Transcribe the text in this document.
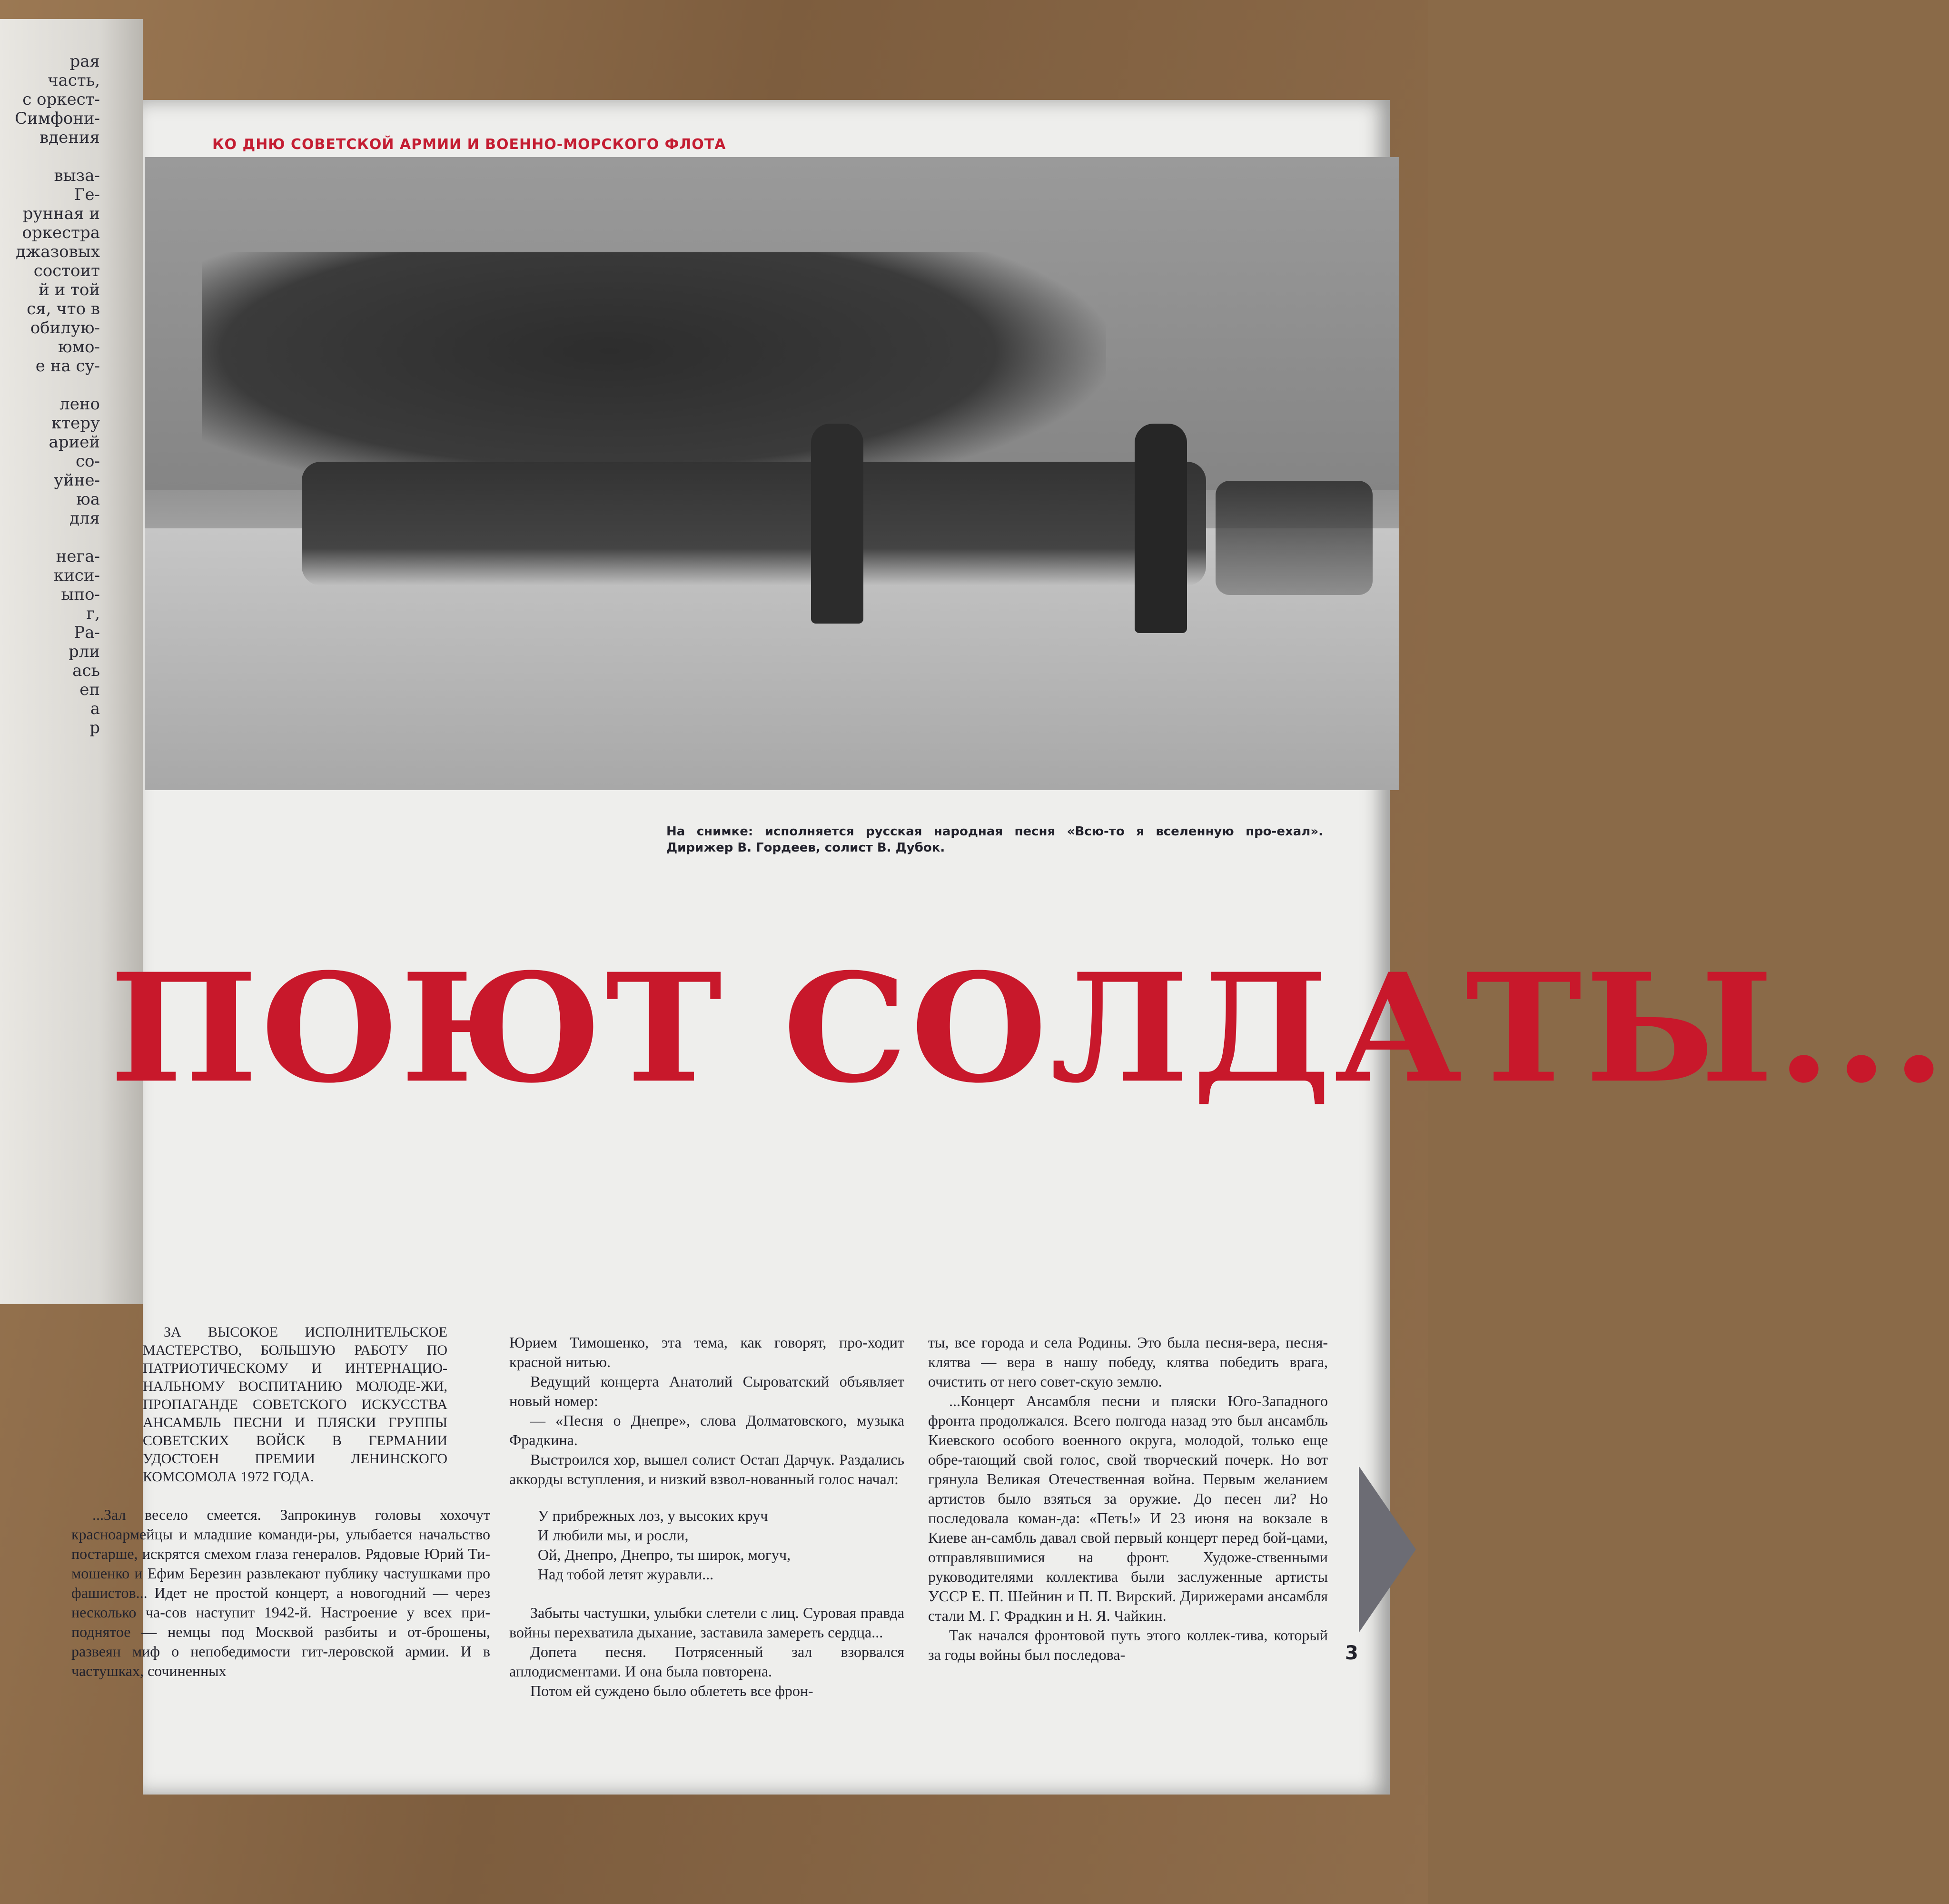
рая
часть,
с оркест-
Симфони-
вдения
выза-
Ге-
рунная и
оркестра
джазовых
состоит
й и той
ся, что в
обилую-
юмо-
е на су-
лено
ктеру
арией
со-
уйне-
юа
для
нега-
киси-
ыпо-
г,
Ра-
рли
ась
еп
а
р
КО ДНЮ СОВЕТСКОЙ АРМИИ И ВОЕННО-МОРСКОГО ФЛОТА
На снимке: исполняется русская народная песня «Всю-то я вселенную про-ехал». Дирижер В. Гордеев, солист В. Дубок.
ПОЮТ СОЛДАТЫ...

ЗА ВЫСОКОЕ ИСПОЛНИТЕЛЬСКОЕ МАСТЕРСТВО, БОЛЬШУЮ РАБОТУ ПО ПАТРИОТИЧЕСКОМУ И ИНТЕРНАЦИО-НАЛЬНОМУ ВОСПИТАНИЮ МОЛОДЕ-ЖИ, ПРОПАГАНДЕ СОВЕТСКОГО ИСКУССТВА АНСАМБЛЬ ПЕСНИ И ПЛЯСКИ ГРУППЫ СОВЕТСКИХ ВОЙСК В ГЕРМАНИИ УДОСТОЕН ПРЕМИИ ЛЕНИНСКОГО КОМСОМОЛА 1972 ГОДА.

...Зал весело смеется. Запрокинув головы хохочут красноармейцы и младшие команди-ры, улыбается начальство постарше, искрятся смехом глаза генералов. Рядовые Юрий Ти-мошенко и Ефим Березин развлекают публику частушками про фашистов... Идет не простой концерт, а новогодний — через несколько ча-сов наступит 1942-й. Настроение у всех при-поднятое — немцы под Москвой разбиты и от-брошены, развеян миф о непобедимости гит-леровской армии. И в частушках, сочиненных

Юрием Тимошенко, эта тема, как говорят, про-ходит красной нитью.

Ведущий концерта Анатолий Сыроватский объявляет новый номер:

— «Песня о Днепре», слова Долматовского, музыка Фрадкина.

Выстроился хор, вышел солист Остап Дарчук. Раздались аккорды вступления, и низкий взвол-нованный голос начал:

У прибрежных лоз, у высоких круч
И любили мы, и росли,
Ой, Днепро, Днепро, ты широк, могуч,
Над тобой летят журавли...

Забыты частушки, улыбки слетели с лиц. Суровая правда войны перехватила дыхание, заставила замереть сердца...

Допета песня. Потрясенный зал взорвался аплодисментами. И она была повторена.

Потом ей суждено было облететь все фрон-

ты, все города и села Родины. Это была песня-вера, песня-клятва — вера в нашу победу, клятва победить врага, очистить от него совет-скую землю.

...Концерт Ансамбля песни и пляски Юго-Западного фронта продолжался. Всего полгода назад это был ансамбль Киевского особого военного округа, молодой, только еще обре-тающий свой голос, свой творческий почерк. Но вот грянула Великая Отечественная война. Первым желанием артистов было взяться за оружие. До песен ли? Но последовала коман-да: «Петь!» И 23 июня на вокзале в Киеве ан-самбль давал свой первый концерт перед бой-цами, отправлявшимися на фронт. Художе-ственными руководителями коллектива были заслуженные артисты УССР Е. П. Шейнин и П. П. Вирский. Дирижерами ансамбля стали М. Г. Фрадкин и Н. Я. Чайкин.

Так начался фронтовой путь этого коллек-тива, который за годы войны был последова-	3
